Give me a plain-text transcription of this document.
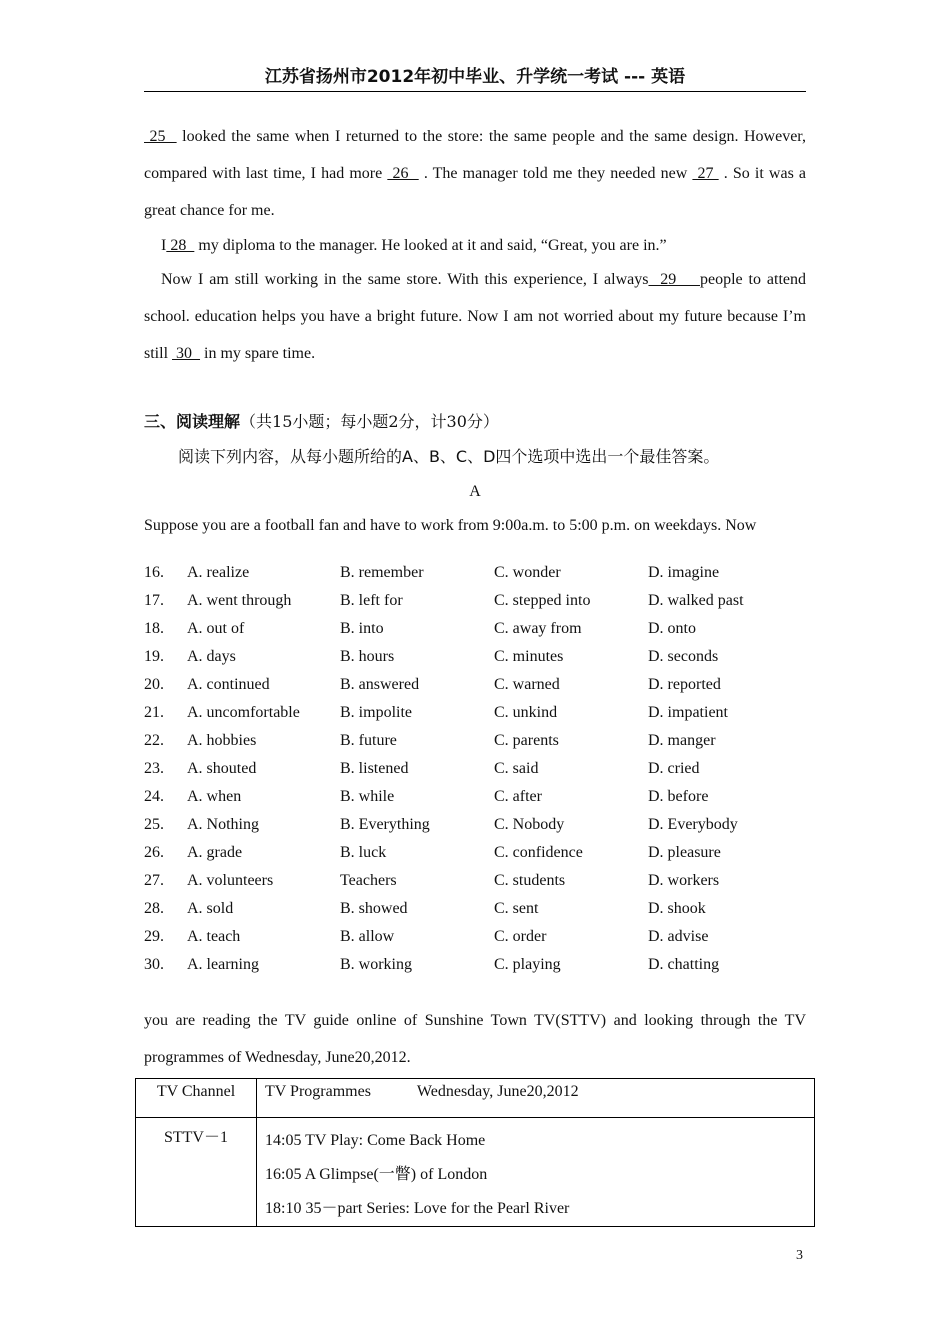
江苏省扬州市2012年初中毕业、升学统一考试 --- 英语
25   looked the same when I returned to the store: the same people and the same design. However, compared with last time, I had more  26   . The manager told me they needed new  27  . So it was a great chance for me.
I 28   my diploma to the manager. He looked at it and said, “Great, you are in.”
Now I am still working in the same store. With this experience, I always  29    people to attend school. education helps you have a bright future. Now I am not worried about my future because I’m still  30   in my spare time.
三、阅读理解（共15小题；每小题2分，计30分）
阅读下列内容，从每小题所给的A、B、C、D四个选项中选出一个最佳答案。
A
Suppose you are a football fan and have to work from 9:00a.m. to 5:00 p.m. on weekdays. Now
16. A. realize	B. remember	C. wonder	D. imagine
17. A. went through	B. left for	C. stepped into	D. walked past
18. A. out of	B. into	C. away from	D. onto
19. A. days	B. hours	C. minutes	D. seconds
20. A. continued	B. answered	C. warned	D. reported
21. A. uncomfortable	B. impolite	C. unkind	D. impatient
22. A. hobbies	B. future	C. parents	D. manger
23. A. shouted	B. listened	C. said	D. cried
24. A. when	B. while	C. after	D. before
25. A. Nothing	B. Everything	C. Nobody	D. Everybody
26. A. grade	B. luck	C. confidence	D. pleasure
27. A. volunteers	Teachers	C. students	D. workers
28. A. sold	B. showed	C. sent	D. shook
29. A. teach	B. allow	C. order	D. advise
30. A. learning	B. working	C. playing	D. chatting
you are reading the TV guide online of Sunshine Town TV(STTV) and looking through the TV programmes of Wednesday, June20,2012.
TV Channel	TV Programmes Wednesday, June20,2012
STTV－1	14:05 TV Play: Come Back Home
16:05 A Glimpse(一瞥) of London
18:10 35－part Series: Love for the Pearl River
3
